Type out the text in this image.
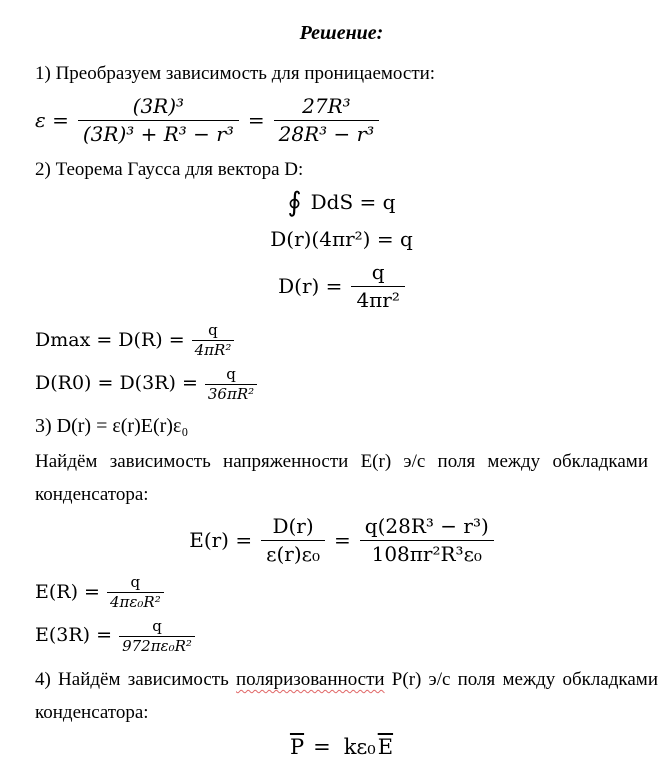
Решение:

1) Преобразуем зависимость для проницаемости:

$\varepsilon = \frac{\text{(3R)³}}{\text{(3R)³ + R³ − r³}} = \frac{\text{27R³}}{\text{28R³ − r³}}$

2) Теорема Гаусса для вектора D:

∮ DdS = q
D(r)(4πr²) = q
$D(r) = \frac{q}{\text{4πr²}}$
$Dmax = D(R) = \frac{q}{\text{4πR²}}$
$D(R0) = D(3R) = \frac{q}{\text{36πR²}}$

3) D(r) = ε(r)E(r)ε₀

Найдём зависимость напряженности E(r) э/с поля между обкладками конденсатора:

$E(r) = \frac{D(r)}{\text{ε(r)ε₀}} = \frac{\text{q(28R³ − r³)}}{\text{108πr²R³ε₀}}$
$E(R) = \frac{q}{\text{4πε₀R²}}$
$E(3R) = \frac{q}{\text{972πε₀R²}}$

4) Найдём зависимость поляризованности P(r) э/с поля между обкладками конденсатора:

$\overline{P} = k\varepsilon_0$ $\overline{E}$
